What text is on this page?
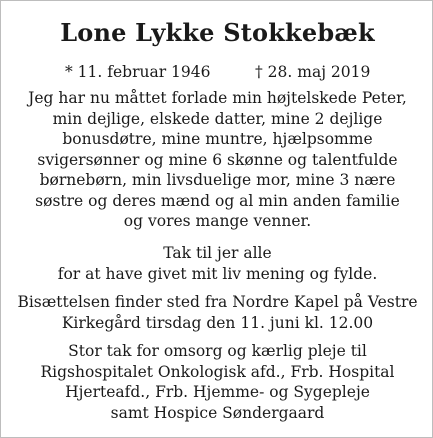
Lone Lykke Stokkebæk
* 11. februar 1946	† 28. maj 2019

Jeg har nu måttet forlade min højtelskede Peter,
min dejlige, elskede datter, mine 2 dejlige
bonusdøtre, mine muntre, hjælpsomme
svigersønner og mine 6 skønne og talentfulde
børnebørn, min livsduelige mor, mine 3 nære
søstre og deres mænd og al min anden familie
og vores mange venner.

Tak til jer alle
for at have givet mit liv mening og fylde.

Bisættelsen finder sted fra Nordre Kapel på Vestre
Kirkegård tirsdag den 11. juni kl. 12.00

Stor tak for omsorg og kærlig pleje til
Rigshospitalet Onkologisk afd., Frb. Hospital
Hjerteafd., Frb. Hjemme- og Sygepleje
samt Hospice Søndergaard
